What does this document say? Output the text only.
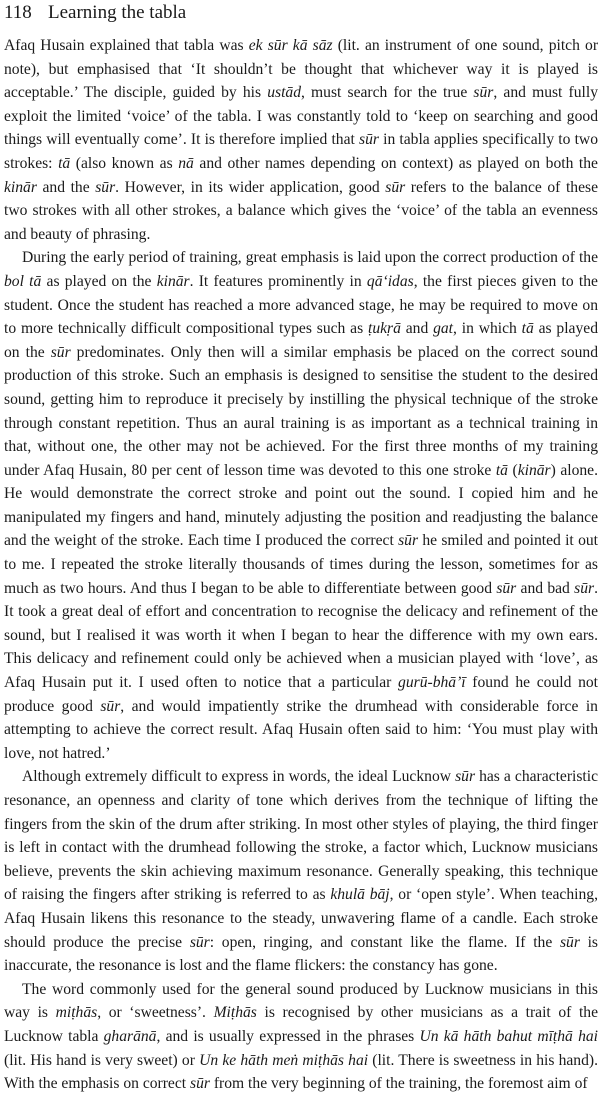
118 Learning the tabla

Afaq Husain explained that tabla was ek sūr kā sāz (lit. an instrument of one sound, pitch or note), but emphasised that ‘It shouldn’t be thought that whichever way it is played is acceptable.’ The disciple, guided by his ustād, must search for the true sūr, and must fully exploit the limited ‘voice’ of the tabla. I was constantly told to ‘keep on searching and good things will eventually come’. It is therefore implied that sūr in tabla applies specifically to two strokes: tā (also known as nā and other names depending on context) as played on both the kinār and the sūr. However, in its wider application, good sūr refers to the balance of these two strokes with all other strokes, a balance which gives the ‘voice’ of the tabla an evenness and beauty of phrasing.

During the early period of training, great emphasis is laid upon the correct production of the bol tā as played on the kinār. It features prominently in qā‘idas, the first pieces given to the student. Once the student has reached a more advanced stage, he may be required to move on to more technically difficult compositional types such as ṭukṛā and gat, in which tā as played on the sūr predominates. Only then will a similar emphasis be placed on the correct sound production of this stroke. Such an emphasis is designed to sensitise the student to the desired sound, getting him to reproduce it precisely by instilling the physical technique of the stroke through constant repetition. Thus an aural training is as important as a technical training in that, without one, the other may not be achieved. For the first three months of my training under Afaq Husain, 80 per cent of lesson time was devoted to this one stroke tā (kinār) alone. He would demonstrate the correct stroke and point out the sound. I copied him and he manipulated my fingers and hand, minutely adjusting the position and readjusting the balance and the weight of the stroke. Each time I produced the correct sūr he smiled and pointed it out to me. I repeated the stroke literally thousands of times during the lesson, sometimes for as much as two hours. And thus I began to be able to differentiate between good sūr and bad sūr. It took a great deal of effort and concentration to recognise the delicacy and refinement of the sound, but I realised it was worth it when I began to hear the difference with my own ears. This delicacy and refinement could only be achieved when a musician played with ‘love’, as Afaq Husain put it. I used often to notice that a particular gurū-bhā’ī found he could not produce good sūr, and would impatiently strike the drumhead with considerable force in attempting to achieve the correct result. Afaq Husain often said to him: ‘You must play with love, not hatred.’

Although extremely difficult to express in words, the ideal Lucknow sūr has a characteristic resonance, an openness and clarity of tone which derives from the technique of lifting the fingers from the skin of the drum after striking. In most other styles of playing, the third finger is left in contact with the drumhead following the stroke, a factor which, Lucknow musicians believe, prevents the skin achieving maximum resonance. Generally speaking, this technique of raising the fingers after striking is referred to as khulā bāj, or ‘open style’. When teaching, Afaq Husain likens this resonance to the steady, unwavering flame of a candle. Each stroke should produce the precise sūr: open, ringing, and constant like the flame. If the sūr is inaccurate, the resonance is lost and the flame flickers: the constancy has gone.

The word commonly used for the general sound produced by Lucknow musicians in this way is miṭhās, or ‘sweetness’. Miṭhās is recognised by other musicians as a trait of the Lucknow tabla gharānā, and is usually expressed in the phrases Un kā hāth bahut mīṭhā hai (lit. His hand is very sweet) or Un ke hāth meṅ miṭhās hai (lit. There is sweetness in his hand). With the emphasis on correct sūr from the very beginning of the training, the foremost aim of
